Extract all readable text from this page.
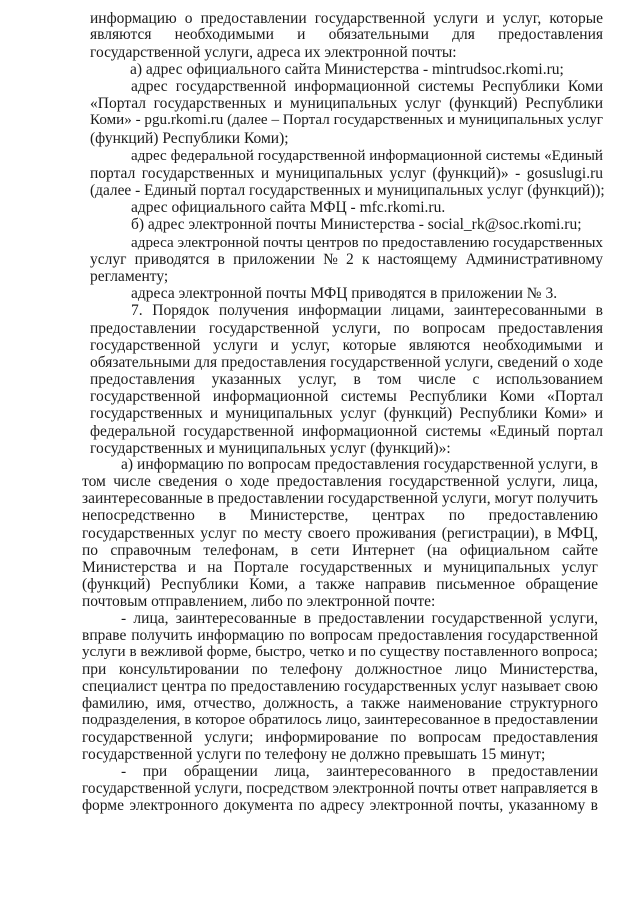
информацию о предоставлении государственной услуги и услуг, которые
являются необходимыми и обязательными для предоставления
государственной услуги, адреса их электронной почты:
а) адрес официального сайта Министерства - mintrudsoc.rkomi.ru;
адрес государственной информационной системы Республики Коми
«Портал государственных и муниципальных услуг (функций) Республики
Коми» - pgu.rkomi.ru (далее – Портал государственных и муниципальных услуг
(функций) Республики Коми);
адрес федеральной государственной информационной системы «Единый
портал государственных и муниципальных услуг (функций)» - gosuslugi.ru
(далее - Единый портал государственных и муниципальных услуг (функций));
адрес официального сайта МФЦ - mfc.rkomi.ru.
б) адрес электронной почты Министерства - social_rk@soc.rkomi.ru;
адреса электронной почты центров по предоставлению государственных
услуг приводятся в приложении № 2 к настоящему Административному
регламенту;
адреса электронной почты МФЦ приводятся в приложении № 3.
7. Порядок получения информации лицами, заинтересованными в
предоставлении государственной услуги, по вопросам предоставления
государственной услуги и услуг, которые являются необходимыми и
обязательными для предоставления государственной услуги, сведений о ходе
предоставления указанных услуг, в том числе с использованием
государственной информационной системы Республики Коми «Портал
государственных и муниципальных услуг (функций) Республики Коми» и
федеральной государственной информационной системы «Единый портал
государственных и муниципальных услуг (функций)»:
а) информацию по вопросам предоставления государственной услуги, в
том числе сведения о ходе предоставления государственной услуги, лица,
заинтересованные в предоставлении государственной услуги, могут получить
непосредственно в Министерстве, центрах по предоставлению
государственных услуг по месту своего проживания (регистрации), в МФЦ,
по справочным телефонам, в сети Интернет (на официальном сайте
Министерства и на Портале государственных и муниципальных услуг
(функций) Республики Коми, а также направив письменное обращение
почтовым отправлением, либо по электронной почте:
- лица, заинтересованные в предоставлении государственной услуги,
вправе получить информацию по вопросам предоставления государственной
услуги в вежливой форме, быстро, четко и по существу поставленного вопроса;
при консультировании по телефону должностное лицо Министерства,
специалист центра по предоставлению государственных услуг называет свою
фамилию, имя, отчество, должность, а также наименование структурного
подразделения, в которое обратилось лицо, заинтересованное в предоставлении
государственной услуги; информирование по вопросам предоставления
государственной услуги по телефону не должно превышать 15 минут;
- при обращении лица, заинтересованного в предоставлении
государственной услуги, посредством электронной почты ответ направляется в
форме электронного документа по адресу электронной почты, указанному в
